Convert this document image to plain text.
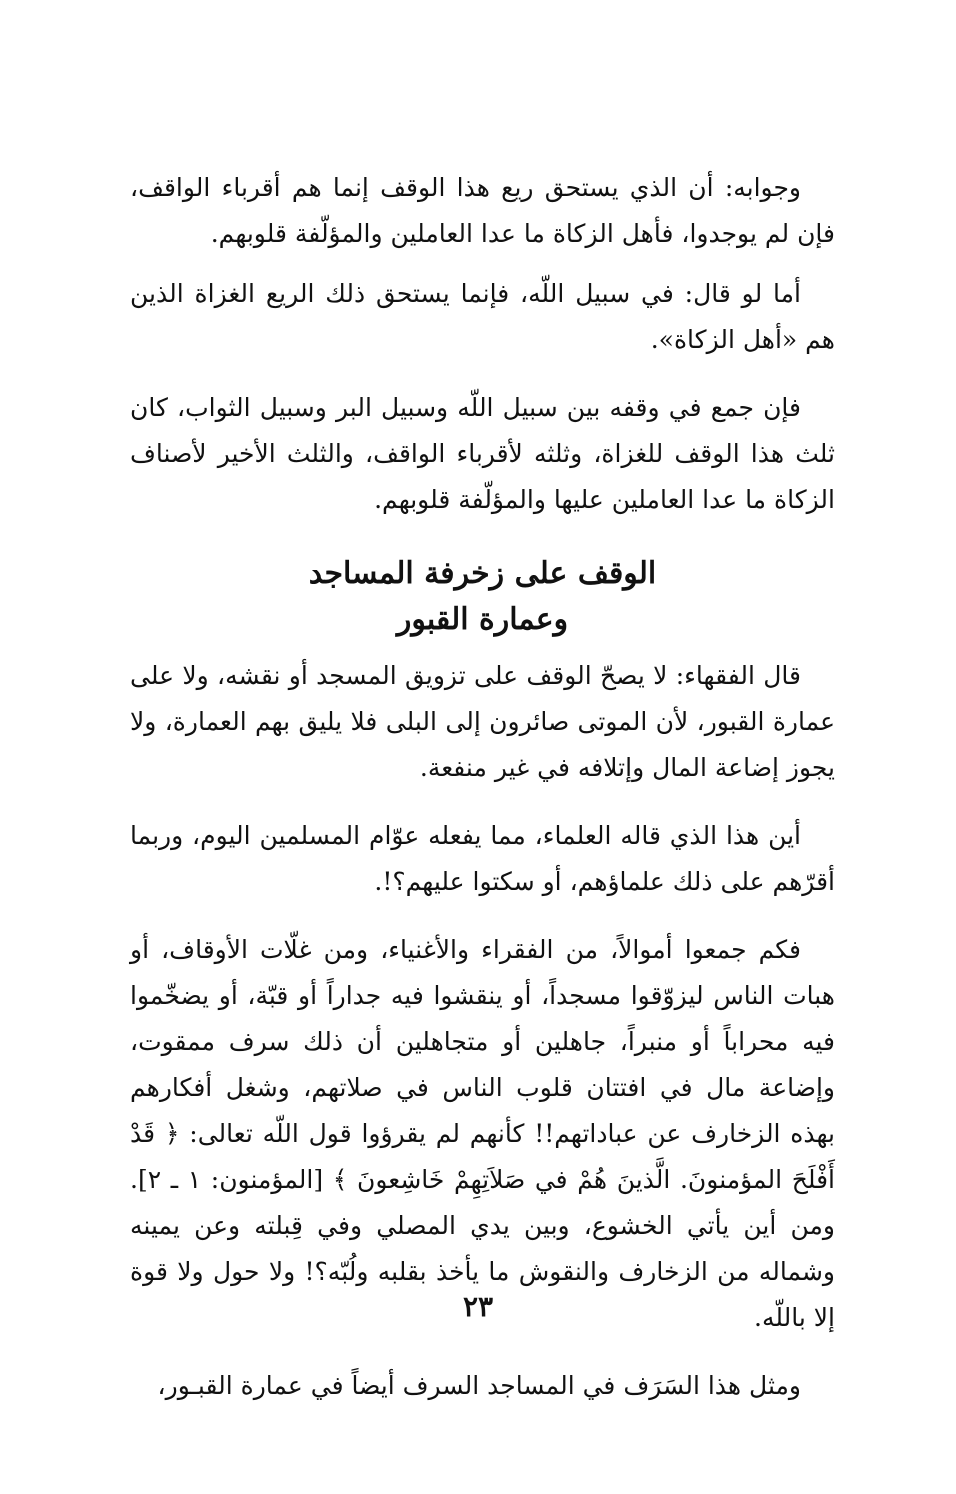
وجوابه: أن الذي يستحق ريع هذا الوقف إنما هم أقرباء الواقف، فإن لم يوجدوا، فأهل الزكاة ما عدا العاملين والمؤلّفة قلوبهم.

أما لو قال: في سبيل اللّه، فإنما يستحق ذلك الريع الغزاة الذين هم «أهل الزكاة».

فإن جمع في وقفه بين سبيل اللّه وسبيل البر وسبيل الثواب، كان ثلث هذا الوقف للغزاة، وثلثه لأقرباء الواقف، والثلث الأخير لأصناف الزكاة ما عدا العاملين عليها والمؤلّفة قلوبهم.

الوقف على زخرفة المساجد

وعمارة القبور

قال الفقهاء: لا يصحّ الوقف على تزويق المسجد أو نقشه، ولا على عمارة القبور، لأن الموتى صائرون إلى البلى فلا يليق بهم العمارة، ولا يجوز إضاعة المال وإتلافه في غير منفعة.

أين هذا الذي قاله العلماء، مما يفعله عوّام المسلمين اليوم، وربما أقرّهم على ذلك علماؤهم، أو سكتوا عليهم؟!.

فكم جمعوا أموالاً، من الفقراء والأغنياء، ومن غلّات الأوقاف، أو هبات الناس ليزوّقوا مسجداً، أو ينقشوا فيه جداراً أو قبّة، أو يضخّموا فيه محراباً أو منبراً، جاهلين أو متجاهلين أن ذلك سرف ممقوت، وإضاعة مال في افتتان قلوب الناس في صلاتهم، وشغل أفكارهم بهذه الزخارف عن عباداتهم!! كأنهم لم يقرؤوا قول اللّه تعالى: ﴿ قَدْ أَفْلَحَ المؤمنونَ. الَّذينَ هُمْ في صَلاَتِهِمْ خَاشِعونَ ﴾ [المؤمنون: ١ ـ ٢]. ومن أين يأتي الخشوع، وبين يدي المصلي وفي قِبلته وعن يمينه وشماله من الزخارف والنقوش ما يأخذ بقلبه ولُبّه؟! ولا حول ولا قوة إلا باللّه.

ومثل هذا السَرَف في المساجد السرف أيضاً في عمارة القبـور،

٢٣
